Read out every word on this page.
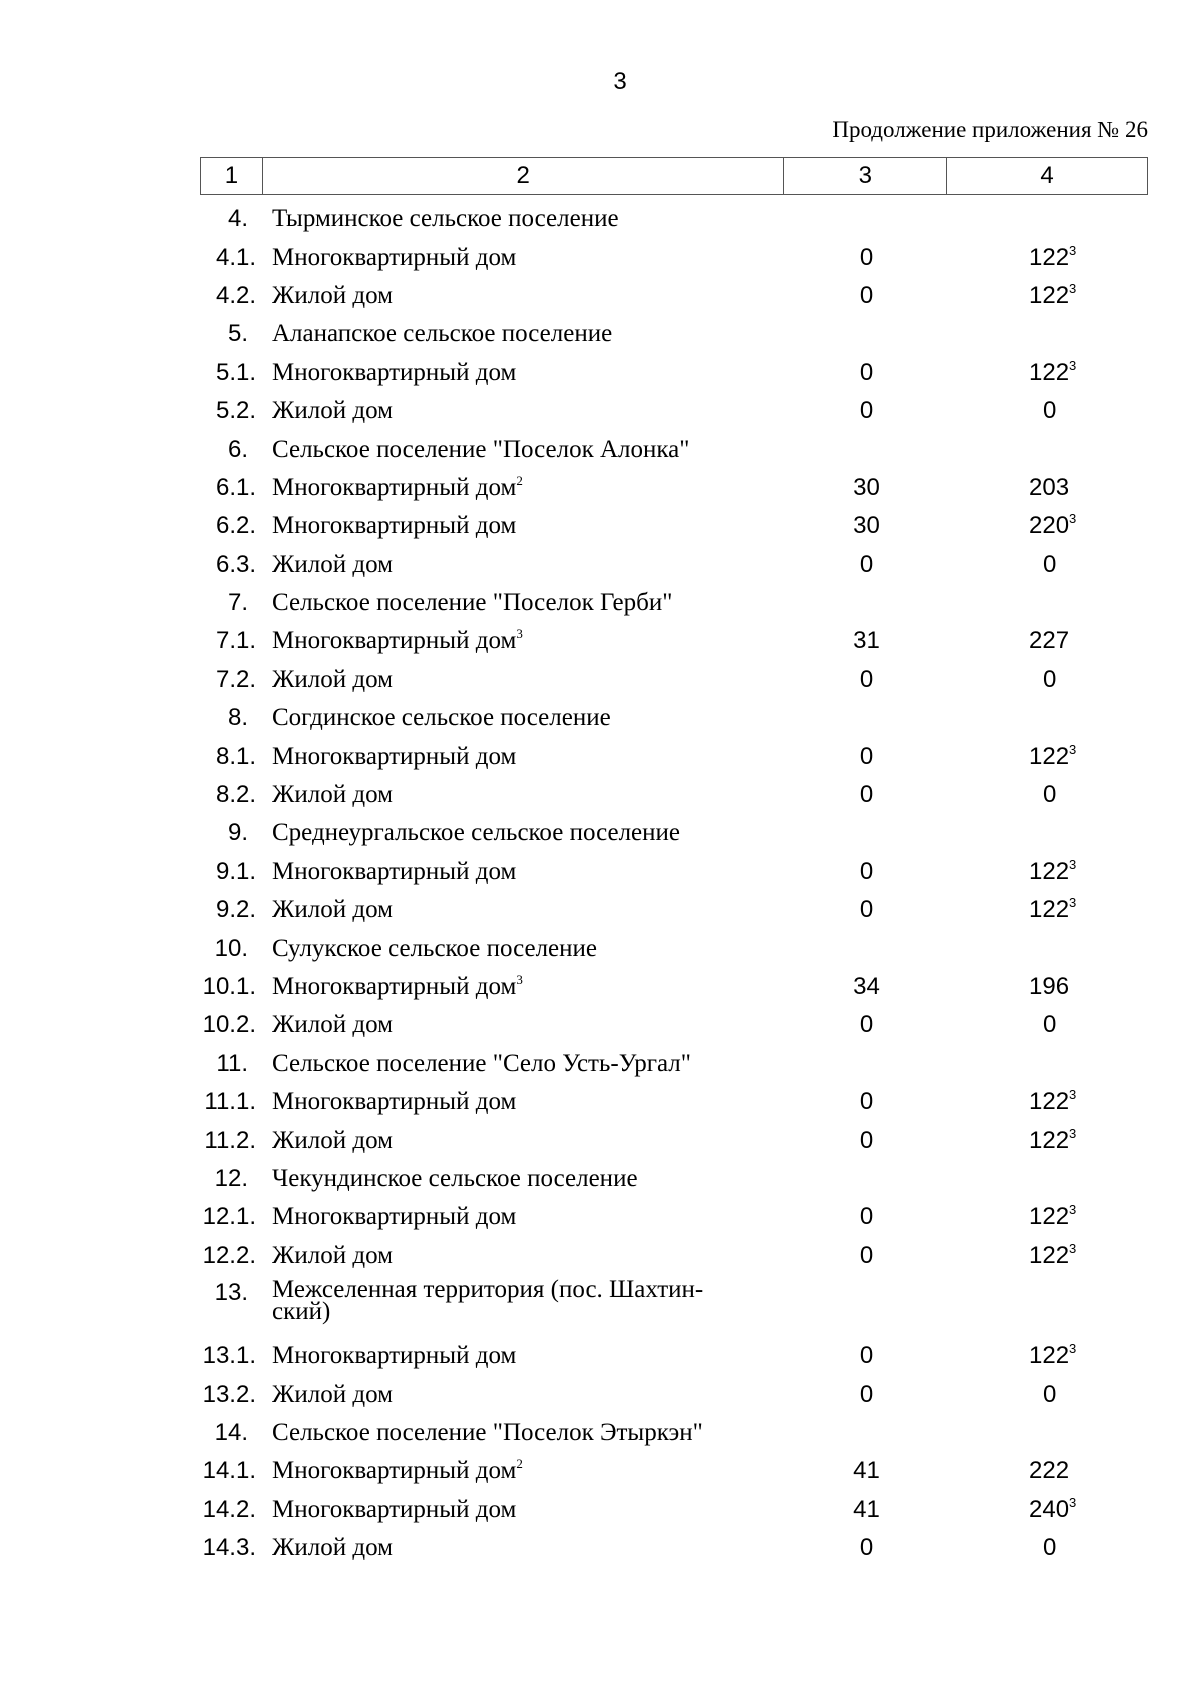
3
Продолжение приложения № 26
1	2	3	4
4. Тырминское сельское поселение
4.1. Многоквартирный дом	0	$122^3$
4.2. Жилой дом	0	$122^3$
5. Аланапское сельское поселение
5.1. Многоквартирный дом	0	$122^3$
5.2. Жилой дом	0	0
6. Сельское поселение "Поселок Алонка"
6.1. Многоквартирный дом$^2$	30	203
6.2. Многоквартирный дом	30	$220^3$
6.3. Жилой дом	0	0
7. Сельское поселение "Поселок Герби"
7.1. Многоквартирный дом$^3$	31	227
7.2. Жилой дом	0	0
8. Согдинское сельское поселение
8.1. Многоквартирный дом	0	$122^3$
8.2. Жилой дом	0	0
9. Среднеургальское сельское поселение
9.1. Многоквартирный дом	0	$122^3$
9.2. Жилой дом	0	$122^3$
10. Сулукское сельское поселение
10.1. Многоквартирный дом$^3$	34	196
10.2. Жилой дом	0	0
11. Сельское поселение "Село Усть-Ургал"
11.1. Многоквартирный дом	0	$122^3$
11.2. Жилой дом	0	$122^3$
12. Чекундинское сельское поселение
12.1. Многоквартирный дом	0	$122^3$
12.2. Жилой дом	0	$122^3$
13. Межселенная территория (пос. Шахтин-
ский)
13.1. Многоквартирный дом	0	$122^3$
13.2. Жилой дом	0	0
14. Сельское поселение "Поселок Этыркэн"
14.1. Многоквартирный дом$^2$	41	222
14.2. Многоквартирный дом	41	$240^3$
14.3. Жилой дом	0	0
